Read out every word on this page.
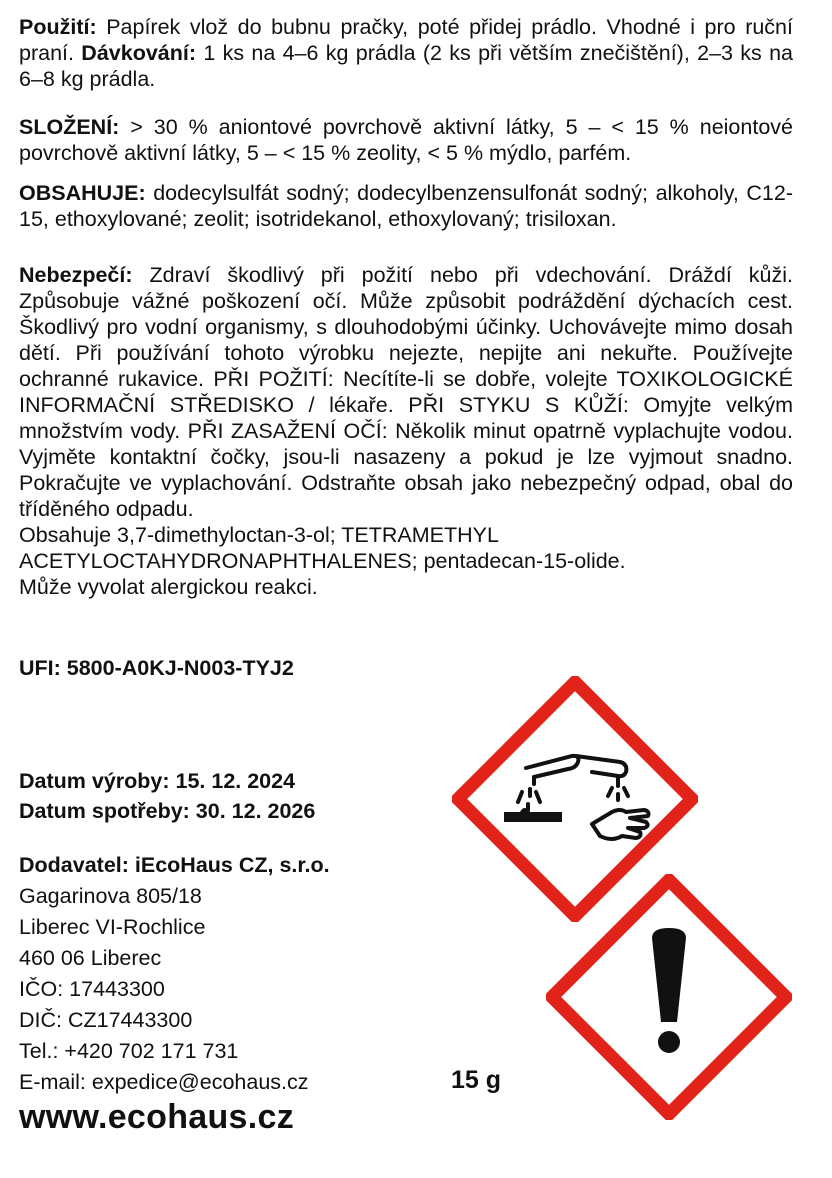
Použití: Papírek vlož do bubnu pračky, poté přidej prádlo. Vhodné i pro ruční praní. Dávkování: 1 ks na 4–6 kg prádla (2 ks při větším znečištění), 2–3 ks na 6–8 kg prádla.
SLOŽENÍ: > 30 % aniontové povrchově aktivní látky, 5 – < 15 % neiontové povrchově aktivní látky, 5 – < 15 % zeolity, < 5 % mýdlo, parfém.
OBSAHUJE: dodecylsulfát sodný; dodecylbenzensulfonát sodný; alkoholy, C12-15, ethoxylované; zeolit; isotridekanol, ethoxylovaný; trisiloxan.
Nebezpečí: Zdraví škodlivý při požití nebo při vdechování. Dráždí kůži. Způsobuje vážné poškození očí. Může způsobit podráždění dýchacích cest. Škodlivý pro vodní organismy, s dlouhodobými účinky. Uchovávejte mimo dosah dětí. Při používání tohoto výrobku nejezte, nepijte ani nekuřte. Používejte ochranné rukavice. PŘI POŽITÍ: Necítíte-li se dobře, volejte TOXIKOLOGICKÉ INFORMAČNÍ STŘEDISKO / lékaře. PŘI STYKU S KŮŽÍ: Omyjte velkým množstvím vody. PŘI ZASAŽENÍ OČÍ: Několik minut opatrně vyplachujte vodou. Vyjměte kontaktní čočky, jsou-li nasazeny a pokud je lze vyjmout snadno. Pokračujte ve vyplachování. Odstraňte obsah jako nebezpečný odpad, obal do tříděného odpadu.
Obsahuje 3,7-dimethyloctan-3-ol; TETRAMETHYL
ACETYLOCTAHYDRONAPHTHALENES; pentadecan-15-olide.
Může vyvolat alergickou reakci.
UFI: 5800-A0KJ-N003-TYJ2
Datum výroby: 15. 12. 2024
Datum spotřeby: 30. 12. 2026
Dodavatel: iEcoHaus CZ, s.r.o.
Gagarinova 805/18
Liberec VI-Rochlice
460 06 Liberec
IČO: 17443300
DIČ: CZ17443300
Tel.: +420 702 171 731
E-mail: expedice@ecohaus.cz	15 g
www.ecohaus.cz
